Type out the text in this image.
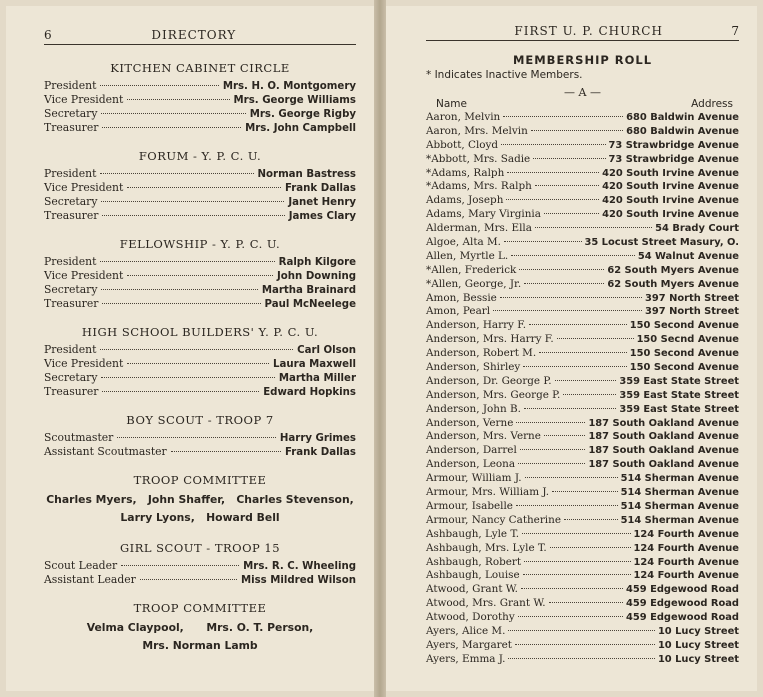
6	DIRECTORY
KITCHEN CABINET CIRCLE
President	Mrs. H. O. Montgomery
Vice President	Mrs. George Williams
Secretary	Mrs. George Rigby
Treasurer	Mrs. John Campbell
FORUM - Y. P. C. U.
President	Norman Bastress
Vice President	Frank Dallas
Secretary	Janet Henry
Treasurer	James Clary
FELLOWSHIP - Y. P. C. U.
President	Ralph Kilgore
Vice President	John Downing
Secretary	Martha Brainard
Treasurer	Paul McNeelege
HIGH SCHOOL BUILDERS' Y. P. C. U.
President	Carl Olson
Vice President	Laura Maxwell
Secretary	Martha Miller
Treasurer	Edward Hopkins
BOY SCOUT - TROOP 7
Scoutmaster	Harry Grimes
Assistant Scoutmaster	Frank Dallas
TROOP COMMITTEE
Charles Myers,   John Shaffer,   Charles Stevenson,
Larry Lyons,   Howard Bell
GIRL SCOUT - TROOP 15
Scout Leader	Mrs. R. C. Wheeling
Assistant Leader	Miss Mildred Wilson
TROOP COMMITTEE
Velma Claypool,      Mrs. O. T. Person,
Mrs. Norman Lamb
FIRST U. P. CHURCH	7
MEMBERSHIP ROLL
* Indicates Inactive Members.
— A —
Name	Address
Aaron, Melvin	680 Baldwin Avenue
Aaron, Mrs. Melvin	680 Baldwin Avenue
Abbott, Cloyd	73 Strawbridge Avenue
*Abbott, Mrs. Sadie	73 Strawbridge Avenue
*Adams, Ralph	420 South Irvine Avenue
*Adams, Mrs. Ralph	420 South Irvine Avenue
Adams, Joseph	420 South Irvine Avenue
Adams, Mary Virginia	420 South Irvine Avenue
Alderman, Mrs. Ella	54 Brady Court
Algoe, Alta M.	35 Locust Street Masury, O.
Allen, Myrtle L.	54 Walnut Avenue
*Allen, Frederick	62 South Myers Avenue
*Allen, George, Jr.	62 South Myers Avenue
Amon, Bessie	397 North Street
Amon, Pearl	397 North Street
Anderson, Harry F.	150 Second Avenue
Anderson, Mrs. Harry F.	150 Secnd Avenue
Anderson, Robert M.	150 Second Avenue
Anderson, Shirley	150 Second Avenue
Anderson, Dr. George P.	359 East State Street
Anderson, Mrs. George P.	359 East State Street
Anderson, John B.	359 East State Street
Anderson, Verne	187 South Oakland Avenue
Anderson, Mrs. Verne	187 South Oakland Avenue
Anderson, Darrel	187 South Oakland Avenue
Anderson, Leona	187 South Oakland Avenue
Armour, William J.	514 Sherman Avenue
Armour, Mrs. William J.	514 Sherman Avenue
Armour, Isabelle	514 Sherman Avenue
Armour, Nancy Catherine	514 Sherman Avenue
Ashbaugh, Lyle T.	124 Fourth Avenue
Ashbaugh, Mrs. Lyle T.	124 Fourth Avenue
Ashbaugh, Robert	124 Fourth Avenue
Ashbaugh, Louise	124 Fourth Avenue
Atwood, Grant W.	459 Edgewood Road
Atwood, Mrs. Grant W.	459 Edgewood Road
Atwood, Dorothy	459 Edgewood Road
Ayers, Alice M.	10 Lucy Street
Ayers, Margaret	10 Lucy Street
Ayers, Emma J.	10 Lucy Street
